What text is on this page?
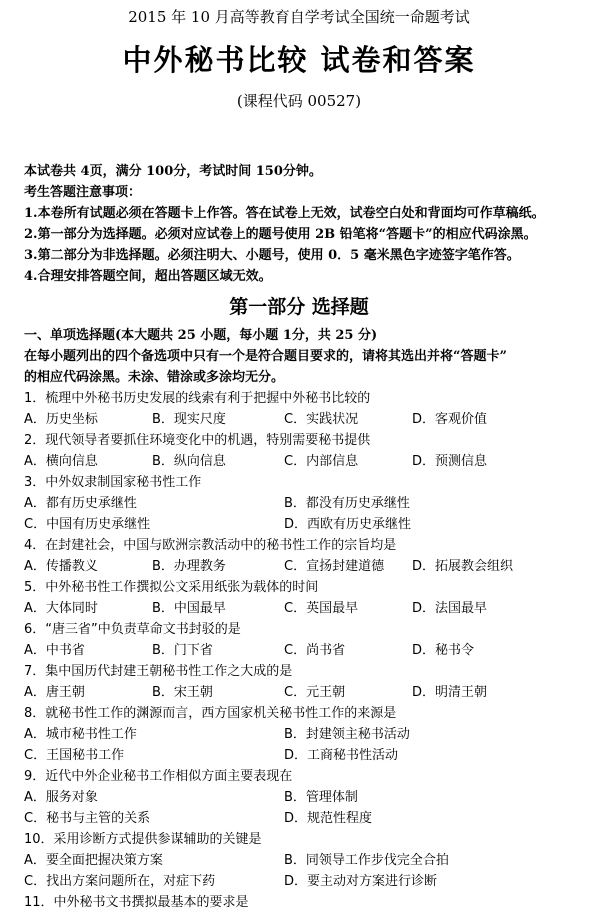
2015 年 10 月高等教育自学考试全国统一命题考试
中外秘书比较 试卷和答案
(课程代码 00527)
本试卷共 4页，满分 100分，考试时间 150分钟。
考生答题注意事项：
1.本卷所有试题必须在答题卡上作答。答在试卷上无效，试卷空白处和背面均可作草稿纸。
2.第一部分为选择题。必须对应试卷上的题号使用 2B 铅笔将“答题卡”的相应代码涂黑。
3.第二部分为非选择题。必须注明大、小题号，使用 0．5 毫米黑色字迹签字笔作答。
4.合理安排答题空间，超出答题区域无效。
第一部分 选择题
一、单项选择题(本大题共 25 小题，每小题 1分，共 25 分)
在每小题列出的四个备选项中只有一个是符合题目要求的，请将其选出并将“答题卡”
的相应代码涂黑。未涂、错涂或多涂均无分。
1．梳理中外秘书历史发展的线索有利于把握中外秘书比较的
A．历史坐标	B．现实尺度	C．实践状况	D．客观价值
2．现代领导者要抓住环境变化中的机遇，特别需要秘书提供
A．横向信息	B．纵向信息	C．内部信息	D．预测信息
3．中外奴隶制国家秘书性工作
A．都有历史承继性	B．都没有历史承继性
C．中国有历史承继性	D．西欧有历史承继性
4．在封建社会，中国与欧洲宗教活动中的秘书性工作的宗旨均是
A．传播教义	B．办理教务	C．宣扬封建道德	D．拓展教会组织
5．中外秘书性工作撰拟公文采用纸张为载体的时间
A．大体同时	B．中国最早	C．英国最早	D．法国最早
6．“唐三省”中负责草命文书封驳的是
A．中书省	B．门下省	C．尚书省	D．秘书令
7．集中国历代封建王朝秘书性工作之大成的是
A．唐王朝	B．宋王朝	C．元王朝	D．明清王朝
8．就秘书性工作的渊源而言，西方国家机关秘书性工作的来源是
A．城市秘书性工作	B．封建领主秘书活动
C．王国秘书工作	D．工商秘书性活动
9．近代中外企业秘书工作相似方面主要表现在
A．服务对象	B．管理体制
C．秘书与主管的关系	D．规范性程度
10．采用诊断方式提供参谋辅助的关键是
A．要全面把握决策方案	B．同领导工作步伐完全合拍
C．找出方案问题所在，对症下药	D．要主动对方案进行诊断
11．中外秘书文书撰拟最基本的要求是
